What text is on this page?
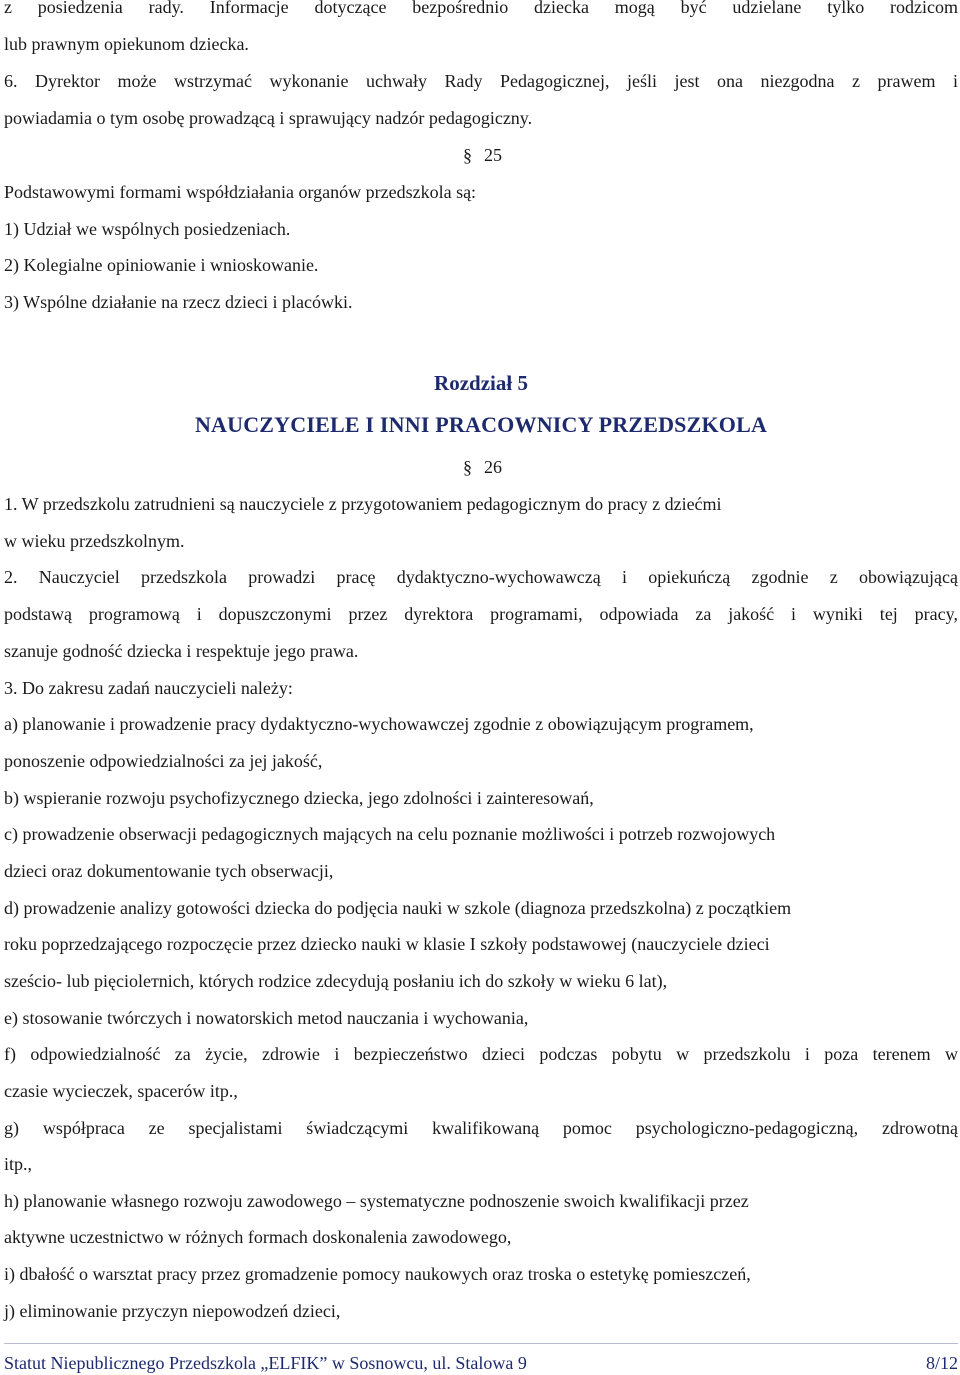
z posiedzenia rady. Informacje dotyczące bezpośrednio dziecka mogą być udzielane tylko rodzicom
lub prawnym opiekunom dziecka.
6. Dyrektor może wstrzymać wykonanie uchwały Rady Pedagogicznej, jeśli jest ona niezgodna z prawem i
powiadamia o tym osobę prowadzącą i sprawujący nadzór pedagogiczny.
§ 25
Podstawowymi formami współdziałania organów przedszkola są:
1) Udział we wspólnych posiedzeniach.
2) Kolegialne opiniowanie i wnioskowanie.
3) Wspólne działanie na rzecz dzieci i placówki.
Rozdział 5
NAUCZYCIELE I INNI PRACOWNICY PRZEDSZKOLA
§ 26
1. W przedszkolu zatrudnieni są nauczyciele z przygotowaniem pedagogicznym do pracy z dziećmi
w wieku przedszkolnym.
2. Nauczyciel przedszkola prowadzi pracę dydaktyczno-wychowawczą i opiekuńczą zgodnie z obowiązującą
podstawą programową i dopuszczonymi przez dyrektora programami, odpowiada za jakość i wyniki tej pracy,
szanuje godność dziecka i respektuje jego prawa.
3. Do zakresu zadań nauczycieli należy:
a) planowanie i prowadzenie pracy dydaktyczno-wychowawczej zgodnie z obowiązującym programem,
ponoszenie odpowiedzialności za jej jakość,
b) wspieranie rozwoju psychofizycznego dziecka, jego zdolności i zainteresowań,
c) prowadzenie obserwacji pedagogicznych mających na celu poznanie możliwości i potrzeb rozwojowych
dzieci oraz dokumentowanie tych obserwacji,
d) prowadzenie analizy gotowości dziecka do podjęcia nauki w szkole (diagnoza przedszkolna) z początkiem
roku poprzedzającego rozpoczęcie przez dziecko nauki w klasie I szkoły podstawowej (nauczyciele dzieci
sześcio- lub pięciolетnich, których rodzice zdecydują posłaniu ich do szkoły w wieku 6 lat),
e) stosowanie twórczych i nowatorskich metod nauczania i wychowania,
f) odpowiedzialność za życie, zdrowie i bezpieczeństwo dzieci podczas pobytu w przedszkolu i poza terenem w
czasie wycieczek, spacerów itp.,
g) współpraca ze specjalistami świadczącymi kwalifikowaną pomoc psychologiczno-pedagogiczną, zdrowotną
itp.,
h) planowanie własnego rozwoju zawodowego – systematyczne podnoszenie swoich kwalifikacji przez
aktywne uczestnictwo w różnych formach doskonalenia zawodowego,
i) dbałość o warsztat pracy przez gromadzenie pomocy naukowych oraz troska o estetykę pomieszczeń,
j) eliminowanie przyczyn niepowodzeń dzieci,
Statut Niepublicznego Przedszkola „ELFIK” w Sosnowcu, ul. Stalowa 9	8/12
